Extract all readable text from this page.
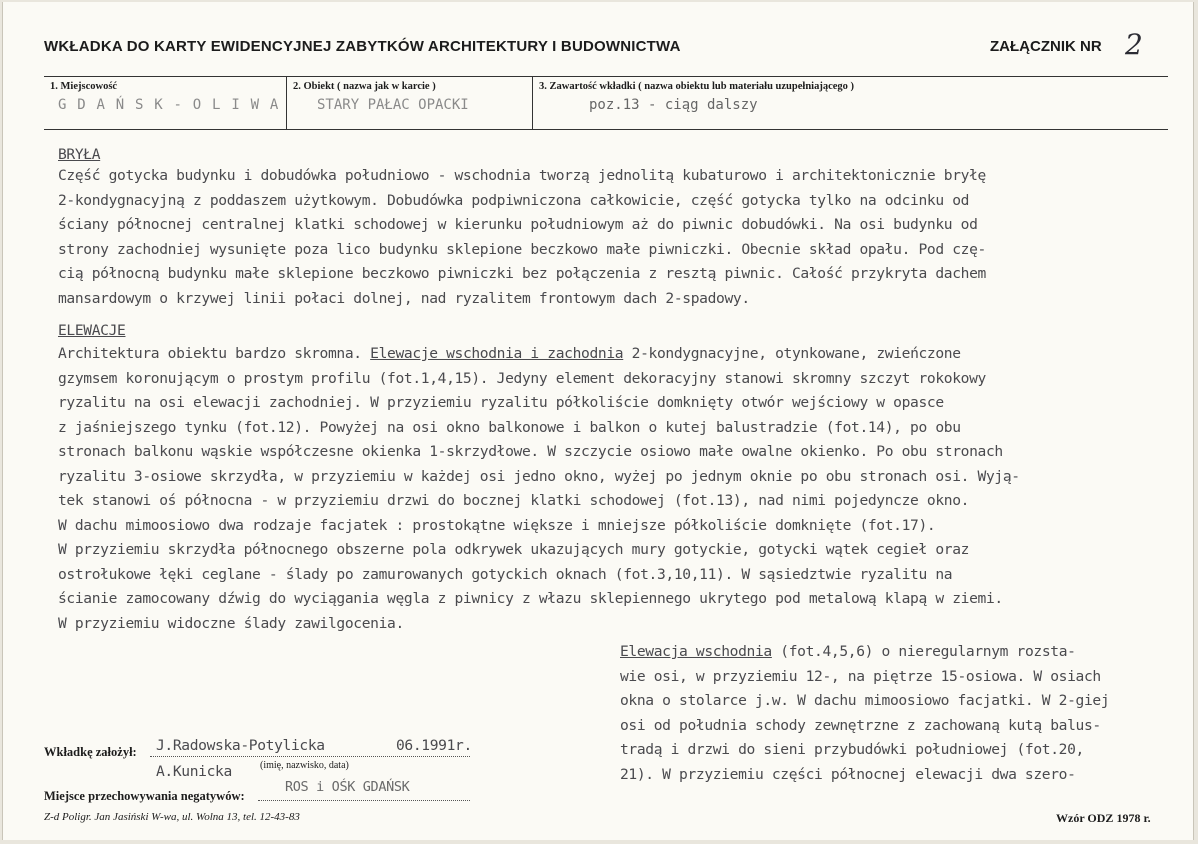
WKŁADKA DO KARTY EWIDENCYJNEJ ZABYTKÓW ARCHITEKTURY I BUDOWNICTWA	ZAŁĄCZNIK NR 2
1. Miejscowość
G D A Ń S K - O L I W A
2. Obiekt ( nazwa jak w karcie )
STARY PAŁAC OPACKI
3. Zawartość wkładki ( nazwa obiektu lub materiału uzupełniającego )
poz.13 - ciąg dalszy
BRYŁA
Część gotycka budynku i dobudówka południowo - wschodnia tworzą jednolitą kubaturowo i architektonicznie bryłę
2-kondygnacyjną z poddaszem użytkowym. Dobudówka podpiwniczona całkowicie, część gotycka tylko na odcinku od
ściany północnej centralnej klatki schodowej w kierunku południowym aż do piwnic dobudówki. Na osi budynku od
strony zachodniej wysunięte poza lico budynku sklepione beczkowo małe piwniczki. Obecnie skład opału. Pod czę-
cią północną budynku małe sklepione beczkowo piwniczki bez połączenia z resztą piwnic. Całość przykryta dachem
mansardowym o krzywej linii połaci dolnej, nad ryzalitem frontowym dach 2-spadowy.
ELEWACJE
Architektura obiektu bardzo skromna. Elewacje wschodnia i zachodnia 2-kondygnacyjne, otynkowane, zwieńczone
gzymsem koronującym o prostym profilu (fot.1,4,15). Jedyny element dekoracyjny stanowi skromny szczyt rokokowy
ryzalitu na osi elewacji zachodniej. W przyziemiu ryzalitu półkoliście domknięty otwór wejściowy w opasce
z jaśniejszego tynku (fot.12). Powyżej na osi okno balkonowe i balkon o kutej balustradzie (fot.14), po obu
stronach balkonu wąskie współczesne okienka 1-skrzydłowe. W szczycie osiowo małe owalne okienko. Po obu stronach
ryzalitu 3-osiowe skrzydła, w przyziemiu w każdej osi jedno okno, wyżej po jednym oknie po obu stronach osi. Wyją-
tek stanowi oś północna - w przyziemiu drzwi do bocznej klatki schodowej (fot.13), nad nimi pojedyncze okno.
W dachu mimoosiowo dwa rodzaje facjatek : prostokątne większe i mniejsze półkoliście domknięte (fot.17).
W przyziemiu skrzydła północnego obszerne pola odkrywek ukazujących mury gotyckie, gotycki wątek cegieł oraz
ostrołukowe łęki ceglane - ślady po zamurowanych gotyckich oknach (fot.3,10,11). W sąsiedztwie ryzalitu na
ścianie zamocowany dźwig do wyciągania węgla z piwnicy z włazu sklepiennego ukrytego pod metalową klapą w ziemi.
W przyziemiu widoczne ślady zawilgocenia.
Elewacja wschodnia (fot.4,5,6) o nieregularnym rozsta-
wie osi, w przyziemiu 12-, na piętrze 15-osiowa. W osiach
okna o stolarce j.w. W dachu mimoosiowo facjatki. W 2-giej
osi od południa schody zewnętrzne z zachowaną kutą balus-
tradą i drzwi do sieni przybudówki południowej (fot.20,
21). W przyziemiu części północnej elewacji dwa szero-
Wkładkę założył: J.Radowska-Potylicka	06.1991r.
A.Kunicka	(imię, nazwisko, data)
Miejsce przechowywania negatywów:
ROS i OŚK GDAŃSK
Z-d Poligr. Jan Jasiński W-wa, ul. Wolna 13, tel. 12-43-83	Wzór ODZ 1978 r.
